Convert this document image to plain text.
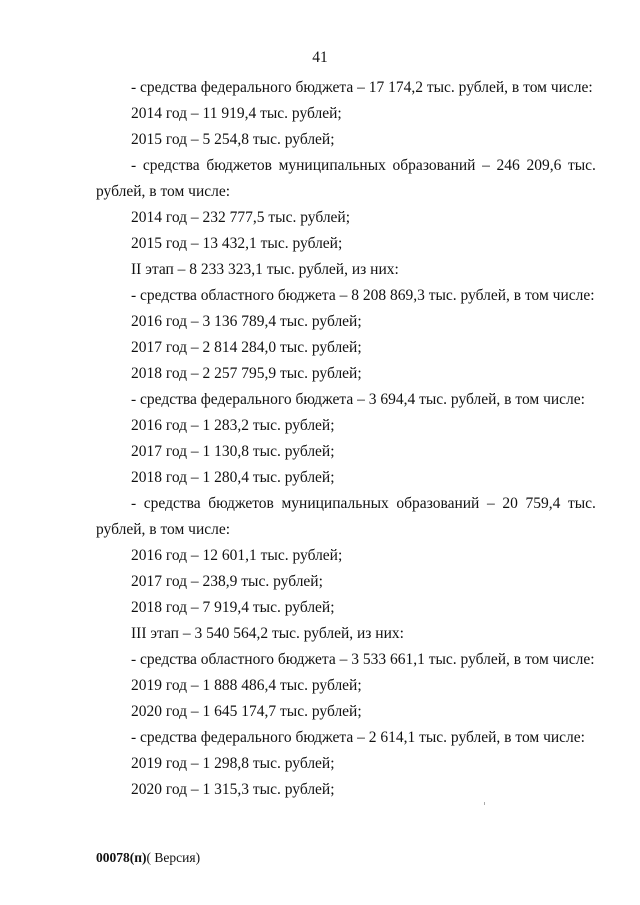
41
- средства федерального бюджета – 17 174,2 тыс. рублей, в том числе:
2014 год – 11 919,4 тыс. рублей;
2015 год – 5 254,8 тыс. рублей;
- средства бюджетов муниципальных образований – 246 209,6 тыс.
рублей, в том числе:
2014 год – 232 777,5 тыс. рублей;
2015 год – 13 432,1 тыс. рублей;
II этап – 8 233 323,1 тыс. рублей, из них:
- средства областного бюджета – 8 208 869,3 тыс. рублей, в том числе:
2016 год – 3 136 789,4 тыс. рублей;
2017 год – 2 814 284,0 тыс. рублей;
2018 год – 2 257 795,9 тыс. рублей;
- средства федерального бюджета – 3 694,4 тыс. рублей, в том числе:
2016 год – 1 283,2 тыс. рублей;
2017 год – 1 130,8 тыс. рублей;
2018 год – 1 280,4 тыс. рублей;
- средства бюджетов муниципальных образований – 20 759,4 тыс.
рублей, в том числе:
2016 год – 12 601,1 тыс. рублей;
2017 год – 238,9 тыс. рублей;
2018 год – 7 919,4 тыс. рублей;
III этап – 3 540 564,2 тыс. рублей, из них:
- средства областного бюджета – 3 533 661,1 тыс. рублей, в том числе:
2019 год – 1 888 486,4 тыс. рублей;
2020 год – 1 645 174,7 тыс. рублей;
- средства федерального бюджета – 2 614,1 тыс. рублей, в том числе:
2019 год – 1 298,8 тыс. рублей;
2020 год – 1 315,3 тыс. рублей;
00078(п)( Версия)
